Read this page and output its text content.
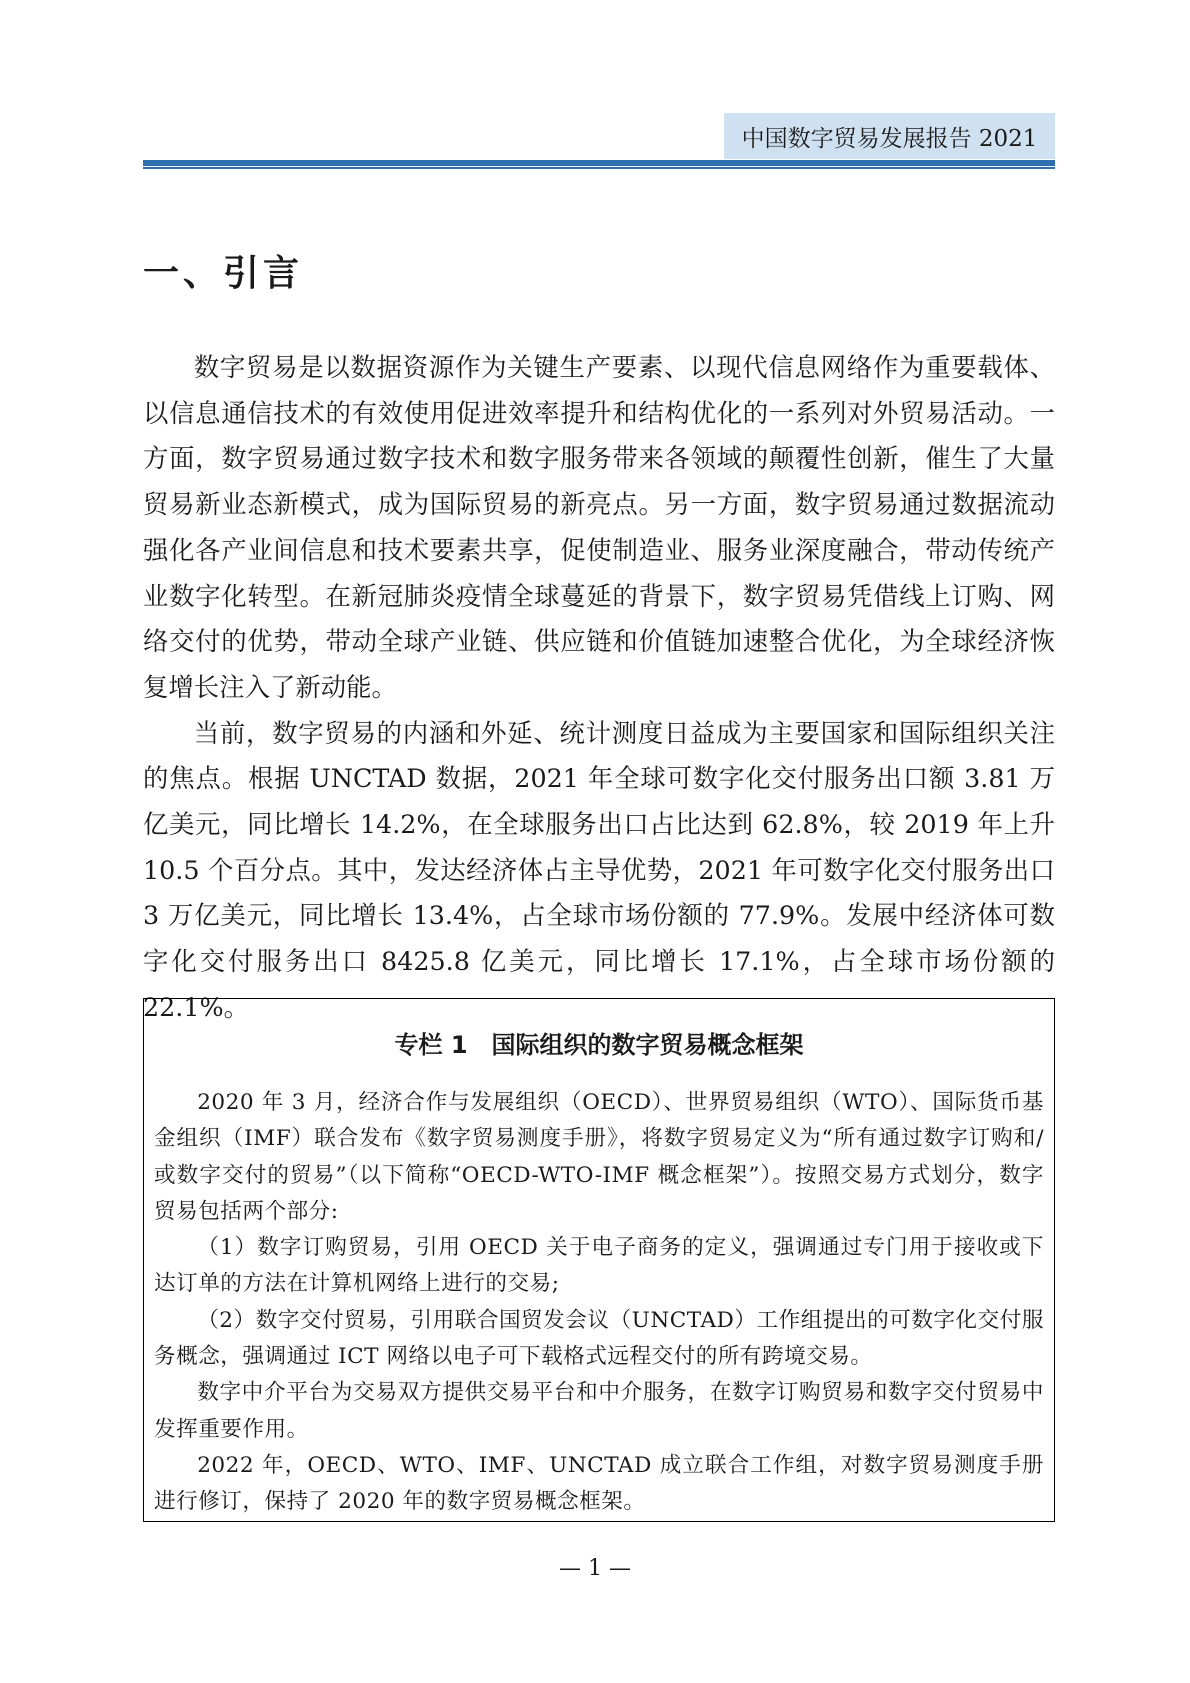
中国数字贸易发展报告 2021
一、引言

数字贸易是以数据资源作为关键生产要素、以现代信息网络作为重要载体、以信息通信技术的有效使用促进效率提升和结构优化的一系列对外贸易活动。一方面，数字贸易通过数字技术和数字服务带来各领域的颠覆性创新，催生了大量贸易新业态新模式，成为国际贸易的新亮点。另一方面，数字贸易通过数据流动强化各产业间信息和技术要素共享，促使制造业、服务业深度融合，带动传统产业数字化转型。在新冠肺炎疫情全球蔓延的背景下，数字贸易凭借线上订购、网络交付的优势，带动全球产业链、供应链和价值链加速整合优化，为全球经济恢复增长注入了新动能。

当前，数字贸易的内涵和外延、统计测度日益成为主要国家和国际组织关注的焦点。根据 UNCTAD 数据，2021 年全球可数字化交付服务出口额 3.81 万亿美元，同比增长 14.2%，在全球服务出口占比达到 62.8%，较 2019 年上升 10.5 个百分点。其中，发达经济体占主导优势，2021 年可数字化交付服务出口 3 万亿美元，同比增长 13.4%，占全球市场份额的 77.9%。发展中经济体可数字化交付服务出口 8425.8 亿美元，同比增长 17.1%，占全球市场份额的 22.1%。

专栏 1 国际组织的数字贸易概念框架

2020 年 3 月，经济合作与发展组织（OECD）、世界贸易组织（WTO）、国际货币基金组织（IMF）联合发布《数字贸易测度手册》，将数字贸易定义为“所有通过数字订购和/或数字交付的贸易”（以下简称“OECD-WTO-IMF 概念框架”）。按照交易方式划分，数字贸易包括两个部分:

（1）数字订购贸易，引用 OECD 关于电子商务的定义，强调通过专门用于接收或下达订单的方法在计算机网络上进行的交易;

（2）数字交付贸易，引用联合国贸发会议（UNCTAD）工作组提出的可数字化交付服务概念，强调通过 ICT 网络以电子可下载格式远程交付的所有跨境交易。

数字中介平台为交易双方提供交易平台和中介服务，在数字订购贸易和数字交付贸易中发挥重要作用。

2022 年，OECD、WTO、IMF、UNCTAD 成立联合工作组，对数字贸易测度手册进行修订，保持了 2020 年的数字贸易概念框架。

— 1 —
